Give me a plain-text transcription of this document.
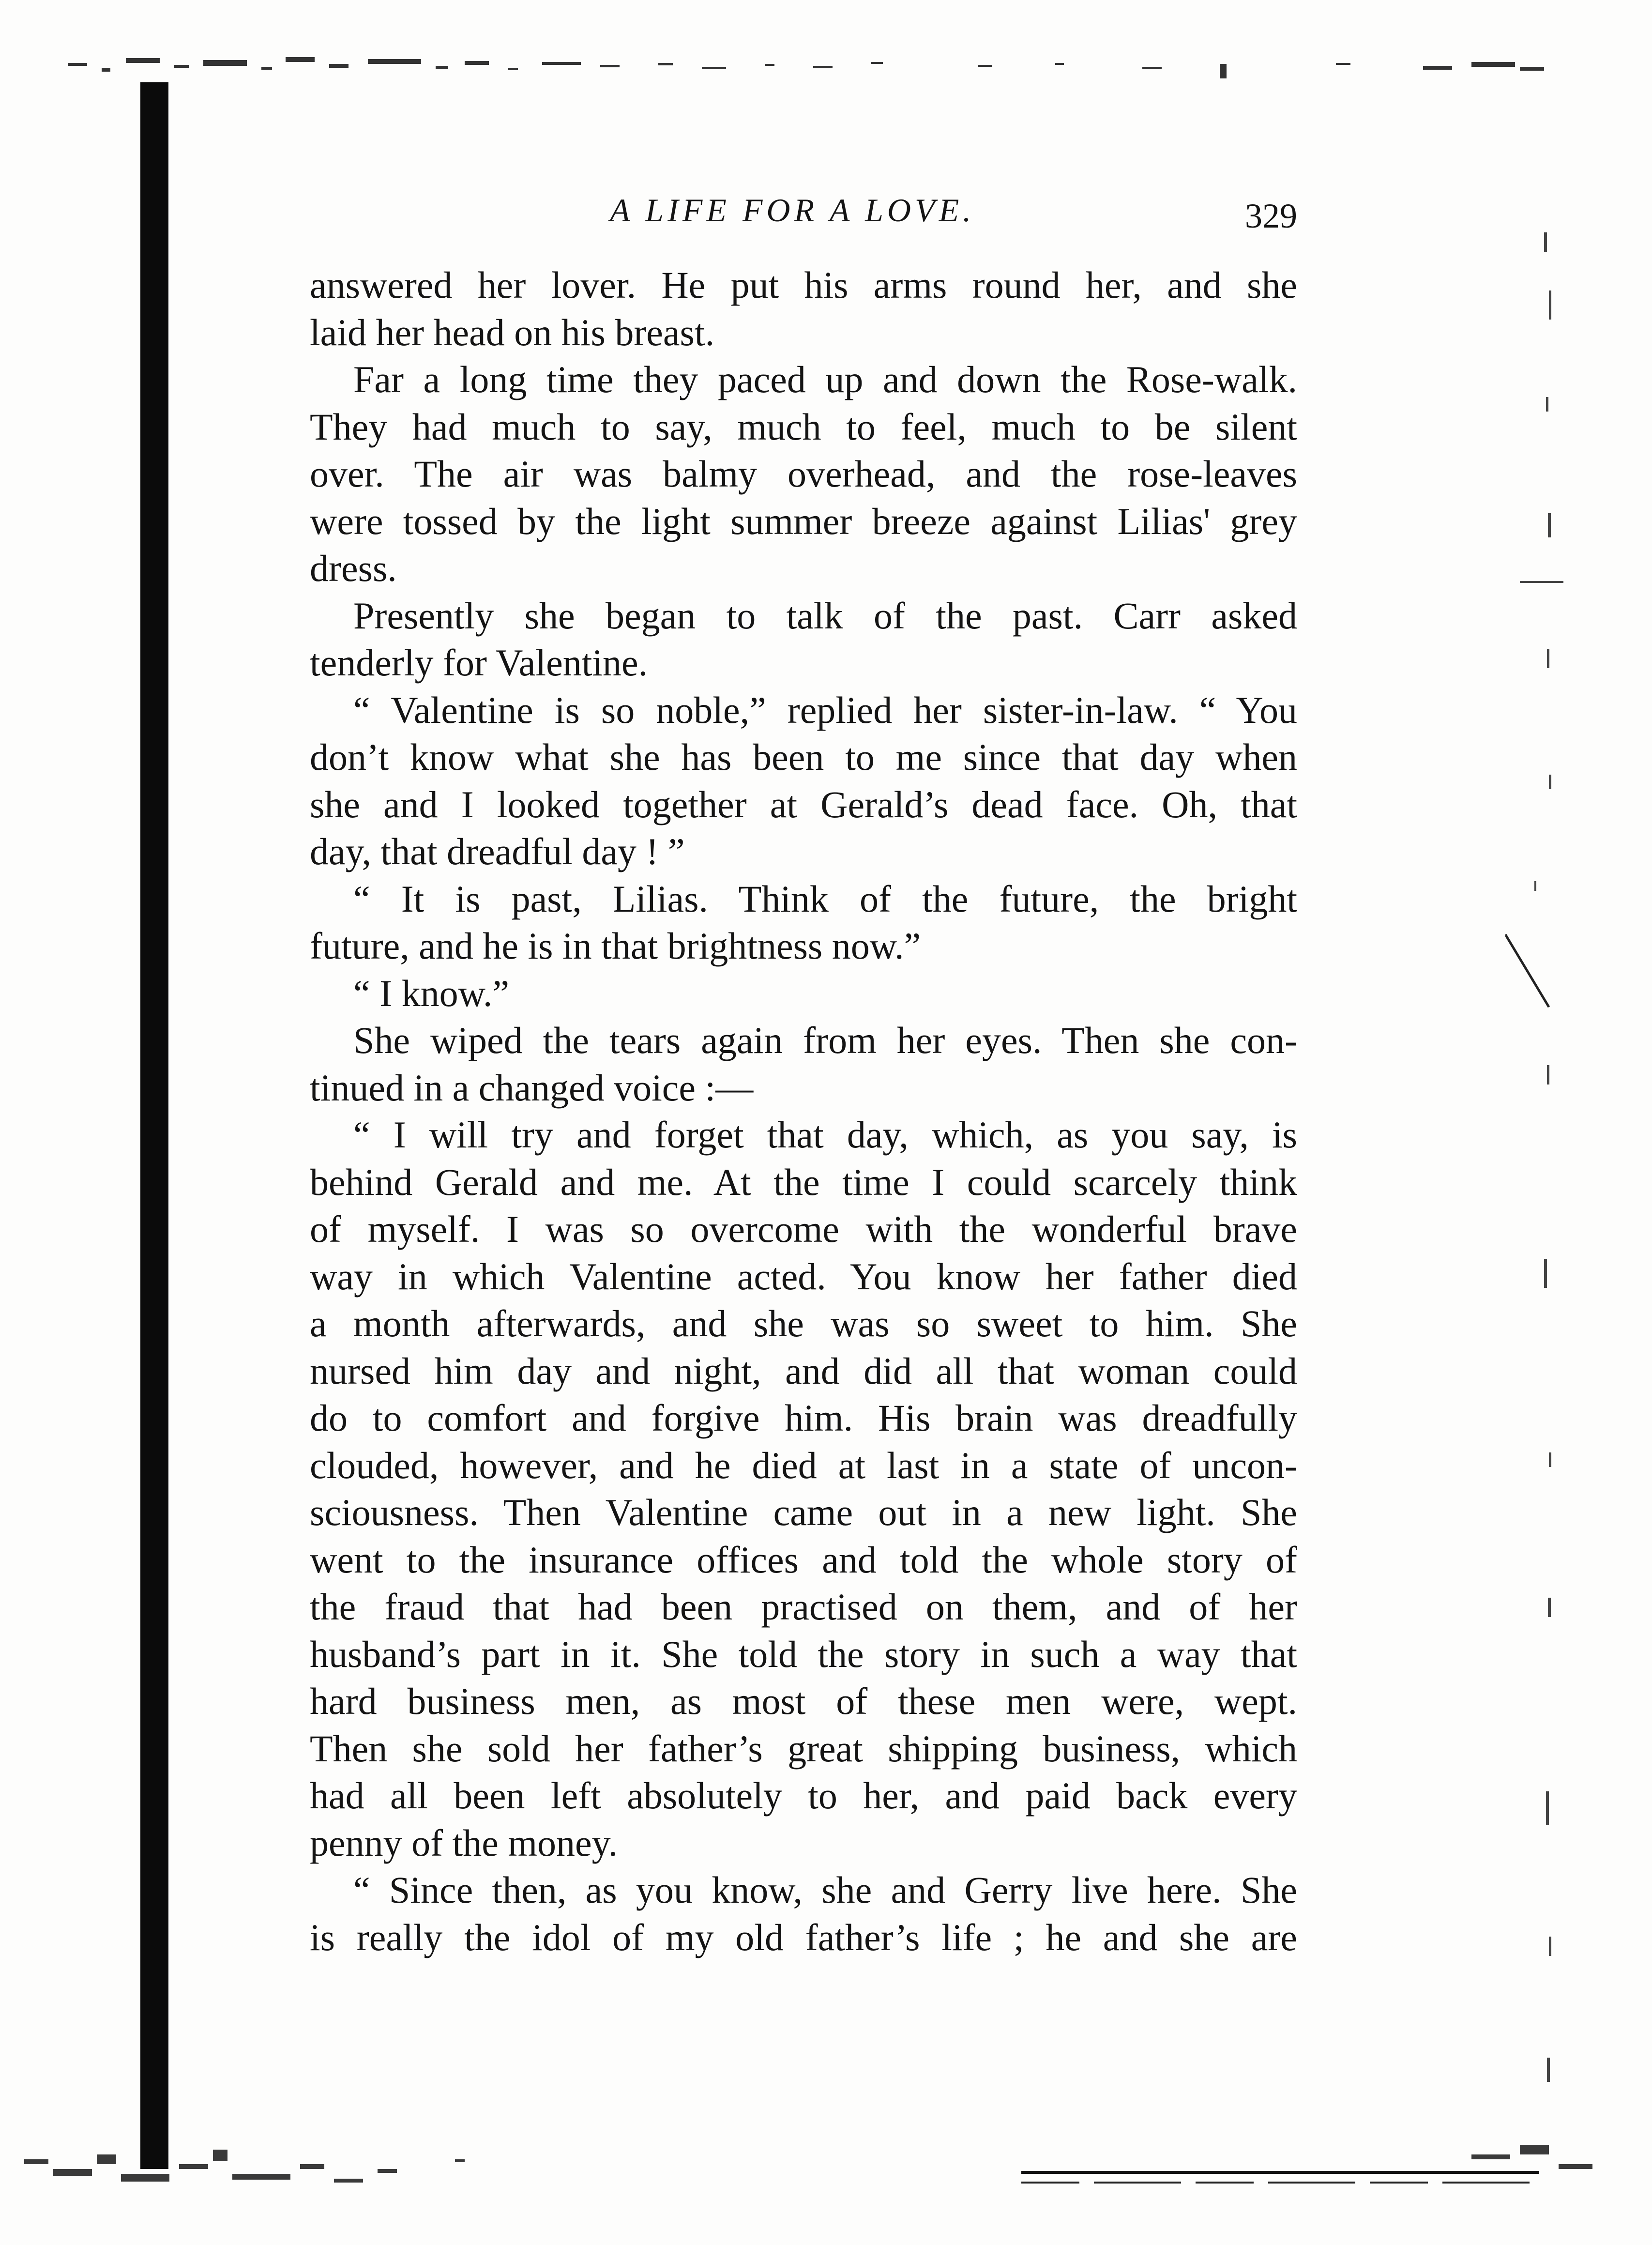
A LIFE FOR A LOVE.	329
answered her lover. He put his arms round her, and she
laid her head on his breast.
Far a long time they paced up and down the Rose-walk.
They had much to say, much to feel, much to be silent
over. The air was balmy overhead, and the rose-leaves
were tossed by the light summer breeze against Lilias' grey
dress.
Presently she began to talk of the past. Carr asked
tenderly for Valentine.
“ Valentine is so noble,” replied her sister-in-law. “ You
don’t know what she has been to me since that day when
she and I looked together at Gerald’s dead face. Oh, that
day, that dreadful day ! ”
“ It is past, Lilias. Think of the future, the bright
future, and he is in that brightness now.”
“ I know.”
She wiped the tears again from her eyes. Then she con-
tinued in a changed voice :—
“ I will try and forget that day, which, as you say, is
behind Gerald and me. At the time I could scarcely think
of myself. I was so overcome with the wonderful brave
way in which Valentine acted. You know her father died
a month afterwards, and she was so sweet to him. She
nursed him day and night, and did all that woman could
do to comfort and forgive him. His brain was dreadfully
clouded, however, and he died at last in a state of uncon-
sciousness. Then Valentine came out in a new light. She
went to the insurance offices and told the whole story of
the fraud that had been practised on them, and of her
husband’s part in it. She told the story in such a way that
hard business men, as most of these men were, wept.
Then she sold her father’s great shipping business, which
had all been left absolutely to her, and paid back every
penny of the money.
“ Since then, as you know, she and Gerry live here. She
is really the idol of my old father’s life ; he and she are
